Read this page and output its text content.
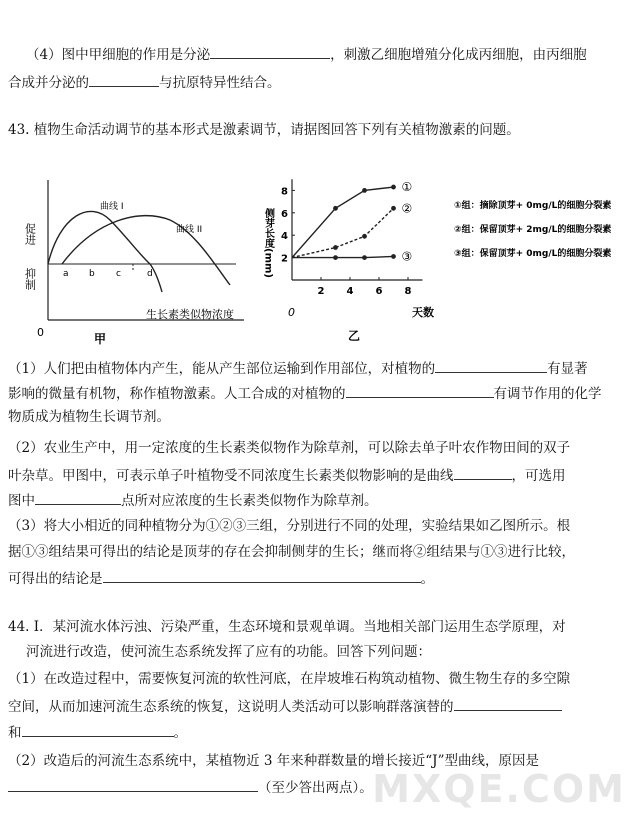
（4）图中甲细胞的作用是分泌	，刺激乙细胞增殖分化成丙细胞，由丙细胞
合成并分泌的	与抗原特异性结合。
43. 植物生命活动调节的基本形式是激素调节，请据图回答下列有关植物激素的问题。
促进
抑制
0
曲线 I
曲线 II
a b c	d
生长素类似物浓度
甲
2 4 6 8
2
4
6
8	①
②
③
侧芽长度(mm)
0	天数
乙
①组：摘除顶芽+ 0mg/L的细胞分裂素
②组：保留顶芽+ 2mg/L的细胞分裂素
③组：保留顶芽+ 0mg/L的细胞分裂素
（1）人们把由植物体内产生，能从产生部位运输到作用部位，对植物的	有显著
影响的微量有机物，称作植物激素。人工合成的对植物的	有调节作用的化学
物质成为植物生长调节剂。
（2）农业生产中，用一定浓度的生长素类似物作为除草剂，可以除去单子叶农作物田间的双子
叶杂草。甲图中，可表示单子叶植物受不同浓度生长素类似物影响的是曲线	，可选用
图中	点所对应浓度的生长素类似物作为除草剂。
（3）将大小相近的同种植物分为①②③三组，分别进行不同的处理，实验结果如乙图所示。根
据①③组结果可得出的结论是顶芽的存在会抑制侧芽的生长；继而将②组结果与①③进行比较，
可得出的结论是	。
44. Ⅰ．某河流水体污浊、污染严重，生态环境和景观单调。当地相关部门运用生态学原理，对
河流进行改造，使河流生态系统发挥了应有的功能。回答下列问题：
（1）在改造过程中，需要恢复河流的软性河底，在岸坡堆石构筑动植物、微生物生存的多空隙
空间，从而加速河流生态系统的恢复，这说明人类活动可以影响群落演替的
和	。
（2）改造后的河流生态系统中，某植物近 3 年来种群数量的增长接近“J”型曲线，原因是
（至少答出两点）。 MXQE.COM
